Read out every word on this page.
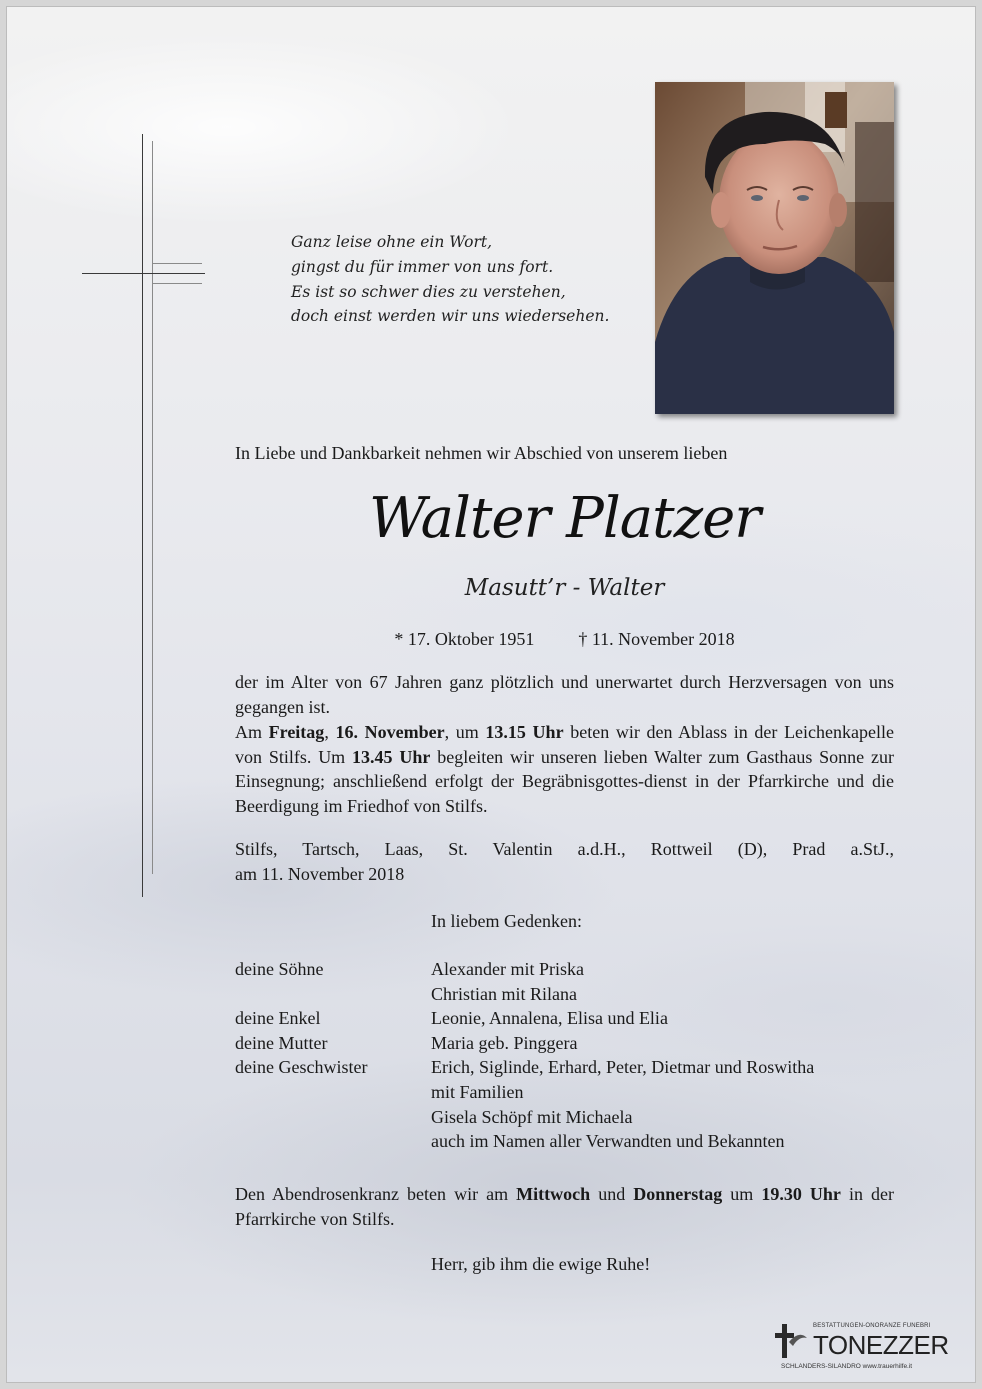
Ganz leise ohne ein Wort,
gingst du für immer von uns fort.
Es ist so schwer dies zu verstehen,
doch einst werden wir uns wiedersehen.
In Liebe und Dankbarkeit nehmen wir Abschied von unserem lieben
Walter Platzer
Masutt’r - Walter
* 17. Oktober 1951 † 11. November 2018
der im Alter von 67 Jahren ganz plötzlich und unerwartet durch Herzversagen von uns gegangen ist.
Am Freitag, 16. November, um 13.15 Uhr beten wir den Ablass in der Leichenkapelle von Stilfs. Um 13.45 Uhr begleiten wir unseren lieben Walter zum Gasthaus Sonne zur Einsegnung; anschließend erfolgt der Begräbnisgottes-dienst in der Pfarrkirche und die Beerdigung im Friedhof von Stilfs.
Stilfs, Tartsch, Laas, St. Valentin a.d.H., Rottweil (D), Prad a.StJ.,
am 11. November 2018
In liebem Gedenken:
deine Söhne	Alexander mit Priska
Christian mit Rilana
deine Enkel	Leonie, Annalena, Elisa und Elia
deine Mutter	Maria geb. Pinggera
deine Geschwister	Erich, Siglinde, Erhard, Peter, Dietmar und Roswitha
mit Familien
Gisela Schöpf mit Michaela
auch im Namen aller Verwandten und Bekannten
Den Abendrosenkranz beten wir am Mittwoch und Donnerstag um 19.30 Uhr in der Pfarrkirche von Stilfs.
Herr, gib ihm die ewige Ruhe!
BESTATTUNGEN-ONORANZE FUNEBRI
TONEZZER
SCHLANDERS-SILANDRO www.trauerhilfe.it
